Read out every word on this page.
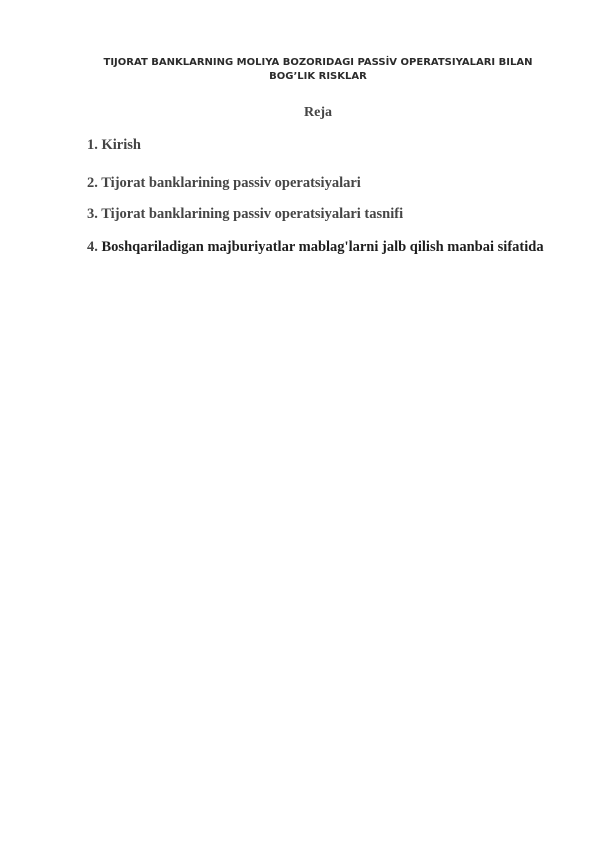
TIJORAT BANKLARNING MOLIYA BOZORIDAGI PASSİV OPERATSIYALARI BILAN
BOG’LIK RISKLAR
Reja
1. Kirish
2. Tijorat banklarining passiv operatsiyalari
3. Tijorat banklarining passiv operatsiyalari tasnifi
4. Boshqariladigan majburiyatlar mablag'larni jalb qilish manbai sifatida
